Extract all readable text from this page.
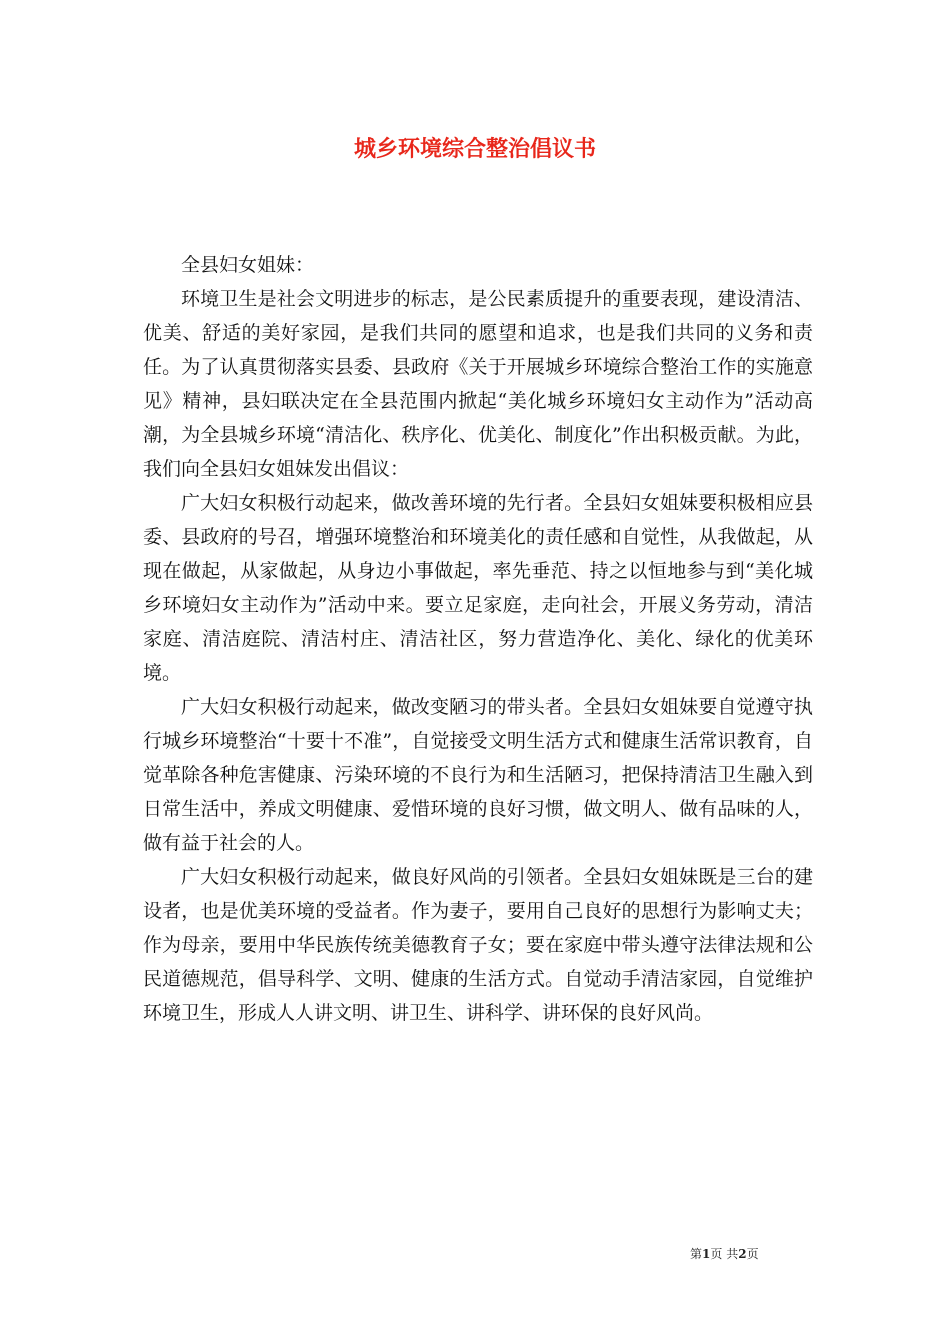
城乡环境综合整治倡议书

全县妇女姐妹：

环境卫生是社会文明进步的标志，是公民素质提升的重要表现，建设清洁、优美、舒适的美好家园，是我们共同的愿望和追求，也是我们共同的义务和责任。为了认真贯彻落实县委、县政府《关于开展城乡环境综合整治工作的实施意见》精神，县妇联决定在全县范围内掀起“美化城乡环境妇女主动作为”活动高潮，为全县城乡环境“清洁化、秩序化、优美化、制度化”作出积极贡献。为此，我们向全县妇女姐妹发出倡议：

广大妇女积极行动起来，做改善环境的先行者。全县妇女姐妹要积极相应县委、县政府的号召，增强环境整治和环境美化的责任感和自觉性，从我做起，从现在做起，从家做起，从身边小事做起，率先垂范、持之以恒地参与到“美化城乡环境妇女主动作为”活动中来。要立足家庭，走向社会，开展义务劳动，清洁家庭、清洁庭院、清洁村庄、清洁社区，努力营造净化、美化、绿化的优美环境。

广大妇女积极行动起来，做改变陋习的带头者。全县妇女姐妹要自觉遵守执行城乡环境整治“十要十不准”，自觉接受文明生活方式和健康生活常识教育，自觉革除各种危害健康、污染环境的不良行为和生活陋习，把保持清洁卫生融入到日常生活中，养成文明健康、爱惜环境的良好习惯，做文明人、做有品味的人，做有益于社会的人。

广大妇女积极行动起来，做良好风尚的引领者。全县妇女姐妹既是三台的建设者，也是优美环境的受益者。作为妻子，要用自己良好的思想行为影响丈夫；作为母亲，要用中华民族传统美德教育子女；要在家庭中带头遵守法律法规和公民道德规范，倡导科学、文明、健康的生活方式。自觉动手清洁家园，自觉维护环境卫生，形成人人讲文明、讲卫生、讲科学、讲环保的良好风尚。

第1页 共2页
